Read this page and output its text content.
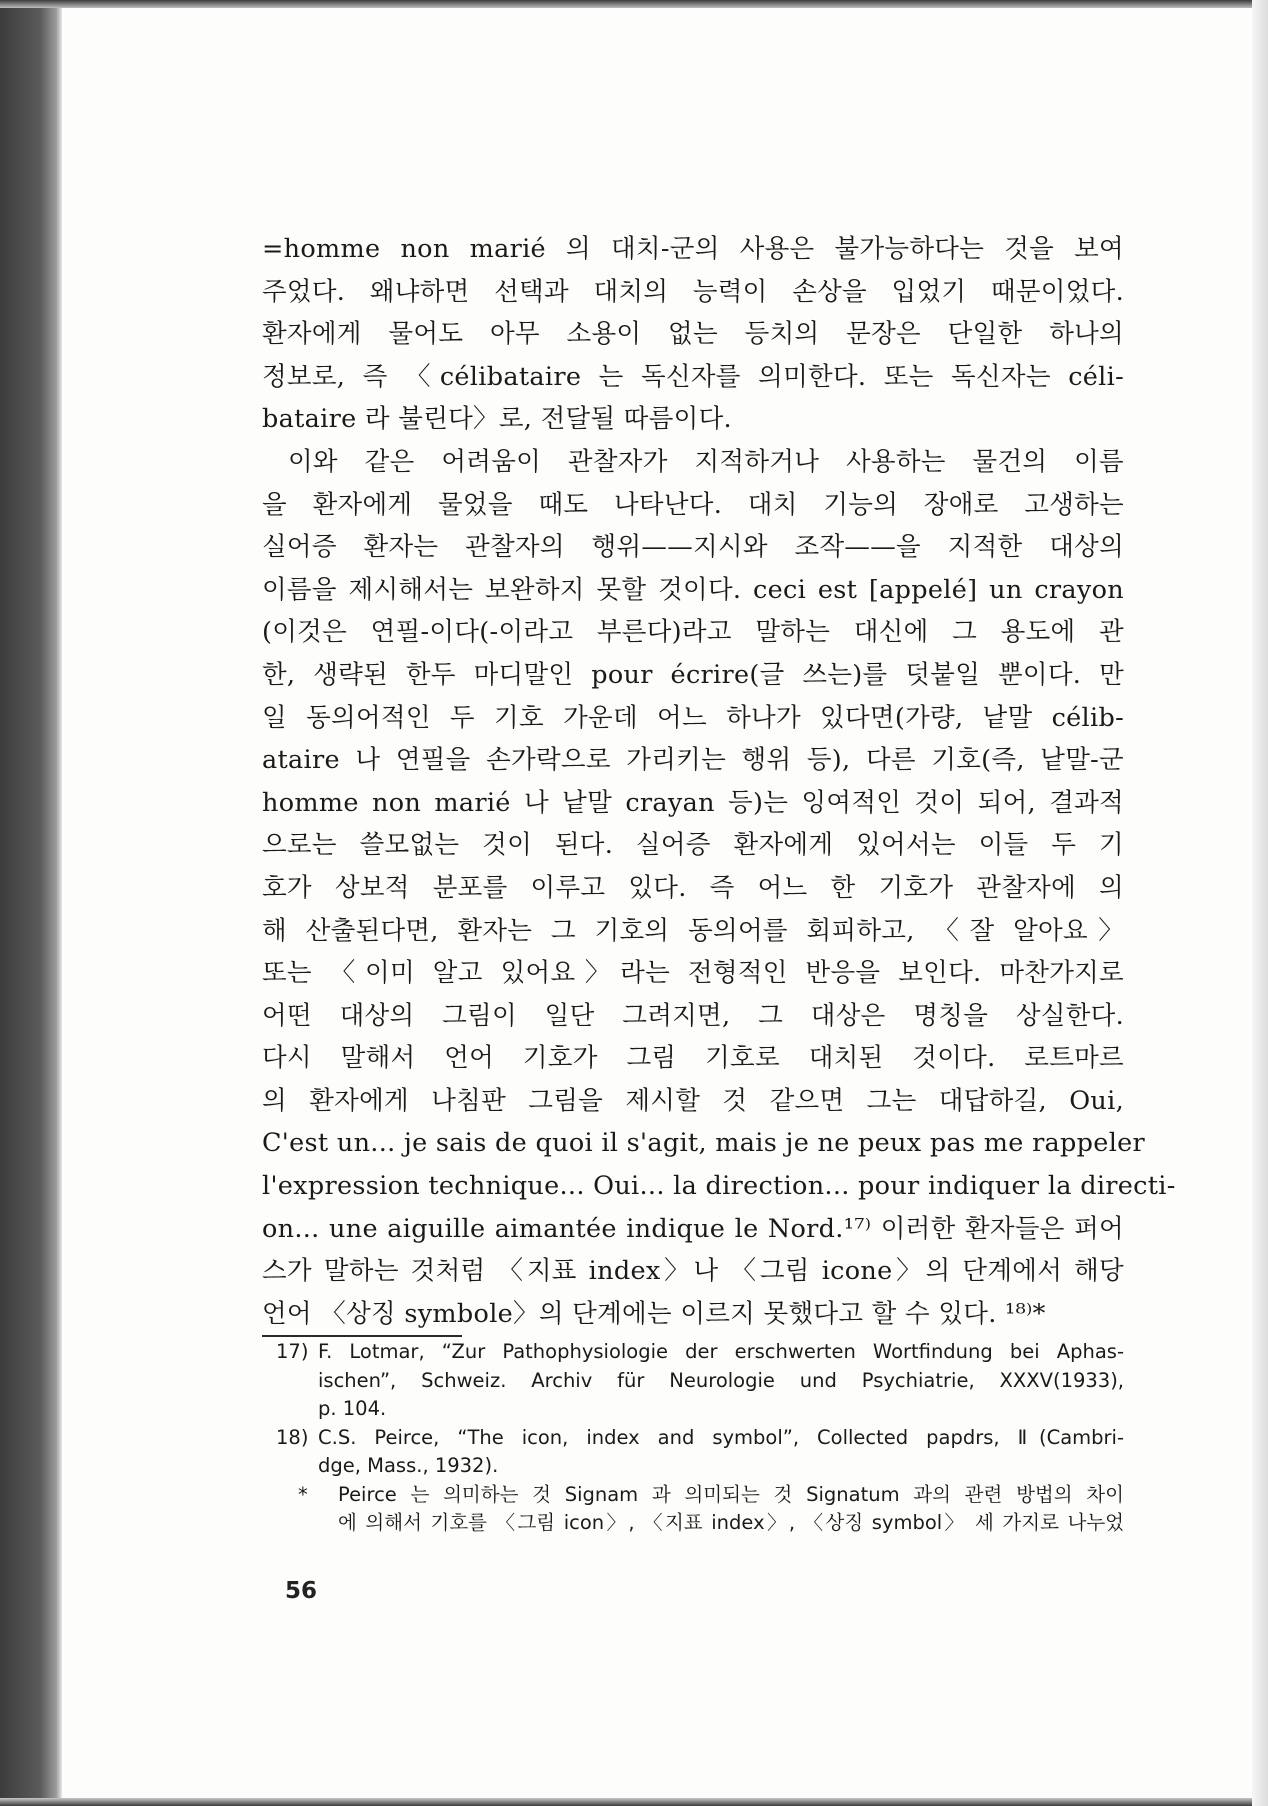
=homme non marié 의 대치-군의 사용은 불가능하다는 것을 보여
주었다. 왜냐하면 선택과 대치의 능력이 손상을 입었기 때문이었다.
환자에게 물어도 아무 소용이 없는 등치의 문장은 단일한 하나의
정보로, 즉 〈célibataire 는 독신자를 의미한다. 또는 독신자는 céli-
bataire 라 불린다〉로, 전달될 따름이다.
이와 같은 어려움이 관찰자가 지적하거나 사용하는 물건의 이름
을 환자에게 물었을 때도 나타난다. 대치 기능의 장애로 고생하는
실어증 환자는 관찰자의 행위——지시와 조작——을 지적한 대상의
이름을 제시해서는 보완하지 못할 것이다. ceci est [appelé] un crayon
(이것은 연필-이다(-이라고 부른다)라고 말하는 대신에 그 용도에 관
한, 생략된 한두 마디말인 pour écrire(글 쓰는)를 덧붙일 뿐이다. 만
일 동의어적인 두 기호 가운데 어느 하나가 있다면(가량, 낱말 célib-
ataire 나 연필을 손가락으로 가리키는 행위 등), 다른 기호(즉, 낱말-군
homme non marié 나 낱말 crayan 등)는 잉여적인 것이 되어, 결과적
으로는 쓸모없는 것이 된다. 실어증 환자에게 있어서는 이들 두 기
호가 상보적 분포를 이루고 있다. 즉 어느 한 기호가 관찰자에 의
해 산출된다면, 환자는 그 기호의 동의어를 회피하고, 〈잘 알아요〉
또는 〈이미 알고 있어요〉라는 전형적인 반응을 보인다. 마찬가지로
어떤 대상의 그림이 일단 그려지면, 그 대상은 명칭을 상실한다.
다시 말해서 언어 기호가 그림 기호로 대치된 것이다. 로트마르
의 환자에게 나침판 그림을 제시할 것 같으면 그는 대답하길, Oui,
C'est un... je sais de quoi il s'agit, mais je ne peux pas me rappeler
l'expression technique... Oui... la direction... pour indiquer la directi-
on... une aiguille aimantée indique le Nord.¹⁷⁾ 이러한 환자들은 퍼어
스가 말하는 것처럼 〈지표 index〉나 〈그림 icone〉의 단계에서 해당
언어 〈상징 symbole〉의 단계에는 이르지 못했다고 할 수 있다. ¹⁸⁾*
17) F. Lotmar, “Zur Pathophysiologie der erschwerten Wortfindung bei Aphas-
ischen”, Schweiz. Archiv für Neurologie und Psychiatrie, XXXV(1933),
p. 104.
18) C.S. Peirce, “The icon, index and symbol”, Collected papdrs, Ⅱ(Cambri-
dge, Mass., 1932).
*	Peirce 는 의미하는 것 Signam 과 의미되는 것 Signatum 과의 관련 방법의 차이
에 의해서 기호를 〈그림 icon〉, 〈지표 index〉, 〈상징 symbol〉 세 가지로 나누었
56
